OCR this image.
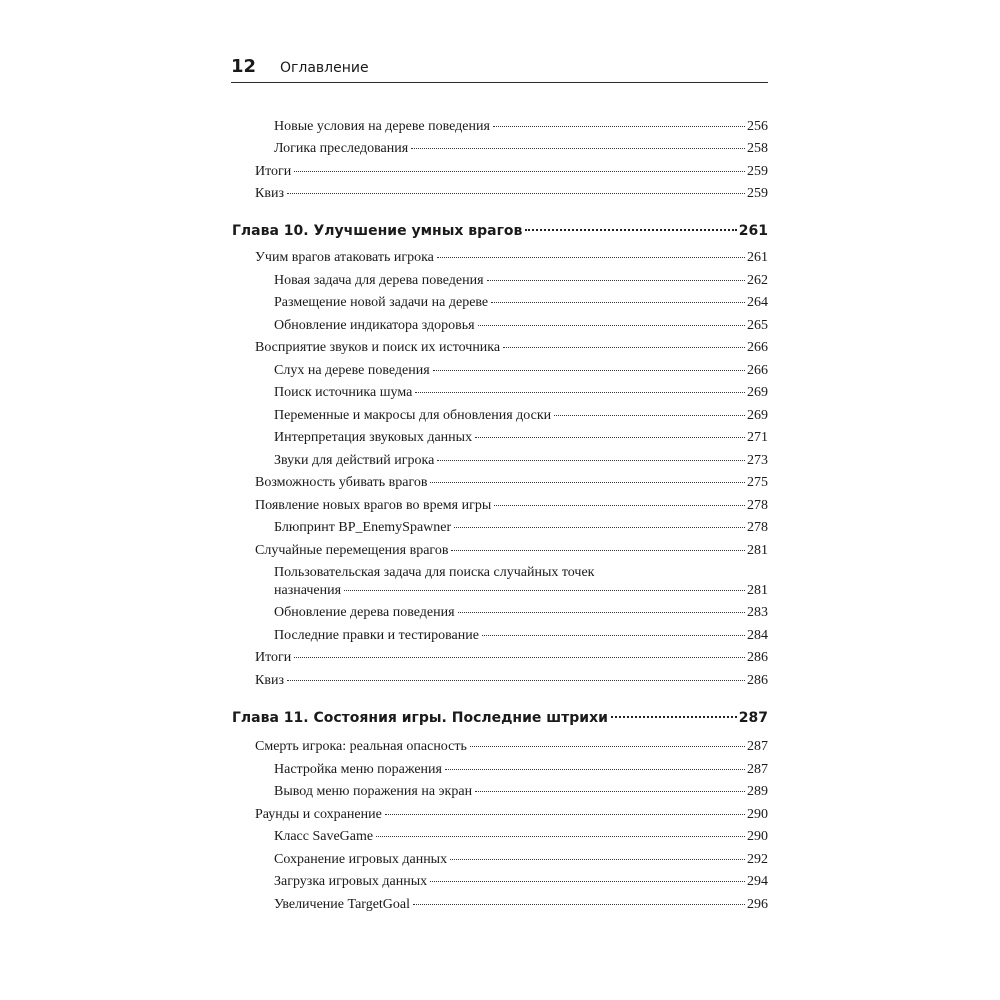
12 Оглавление
Новые условия на дереве поведения	256
Логика преследования	258
Итоги	259
Квиз	259
Глава 10. Улучшение умных врагов	261
Учим врагов атаковать игрока	261
Новая задача для дерева поведения	262
Размещение новой задачи на дереве	264
Обновление индикатора здоровья	265
Восприятие звуков и поиск их источника	266
Слух на дереве поведения	266
Поиск источника шума	269
Переменные и макросы для обновления доски	269
Интерпретация звуковых данных	271
Звуки для действий игрока	273
Возможность убивать врагов	275
Появление новых врагов во время игры	278
Блюпринт BP_EnemySpawner	278
Случайные перемещения врагов	281
Пользовательская задача для поиска случайных точек
назначения	281
Обновление дерева поведения	283
Последние правки и тестирование	284
Итоги	286
Квиз	286
Глава 11. Состояния игры. Последние штрихи	287
Смерть игрока: реальная опасность	287
Настройка меню поражения	287
Вывод меню поражения на экран	289
Раунды и сохранение	290
Класс SaveGame	290
Сохранение игровых данных	292
Загрузка игровых данных	294
Увеличение TargetGoal	296
